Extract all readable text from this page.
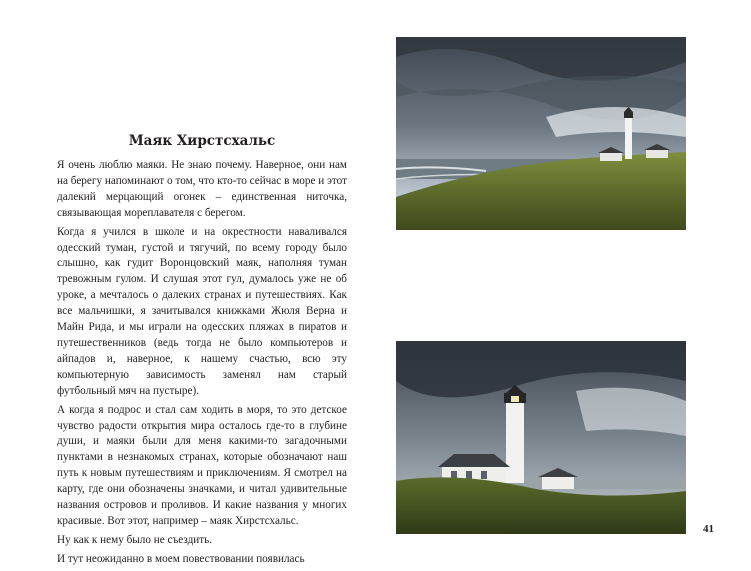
Маяк Хирстсхальс

Я очень люблю маяки. Не знаю почему. Наверное, они нам на берегу напоминают о том, что кто-то сейчас в море и этот далекий мерцающий огонек – единственная ниточка, связывающая мореплавателя с берегом.

Когда я учился в школе и на окрестности наваливался одесский туман, густой и тягучий, по всему городу было слышно, как гудит Воронцовский маяк, наполняя туман тревожным гулом. И слушая этот гул, думалось уже не об уроке, а мечталось о далеких странах и путешествиях. Как все мальчишки, я зачитывался книжками Жюля Верна и Майн Рида, и мы играли на одесских пляжах в пиратов и путешественников (ведь тогда не было компьютеров и айпадов и, наверное, к нашему счастью, всю эту компьютерную зависимость заменял нам старый футбольный мяч на пустыре).

А когда я подрос и стал сам ходить в моря, то это детское чувство радости открытия мира осталось где-то в глубине души, и маяки были для меня какими-то загадочными пунктами в незнакомых странах, которые обозначают наш путь к новым путешествиям и приключениям. Я смотрел на карту, где они обозначены значками, и читал удивительные названия островов и проливов. И какие названия у многих красивые. Вот этот, например – маяк Хирстсхальс.

Ну как к нему было не съездить.

И тут неожиданно в моем повествовании появилась

41
